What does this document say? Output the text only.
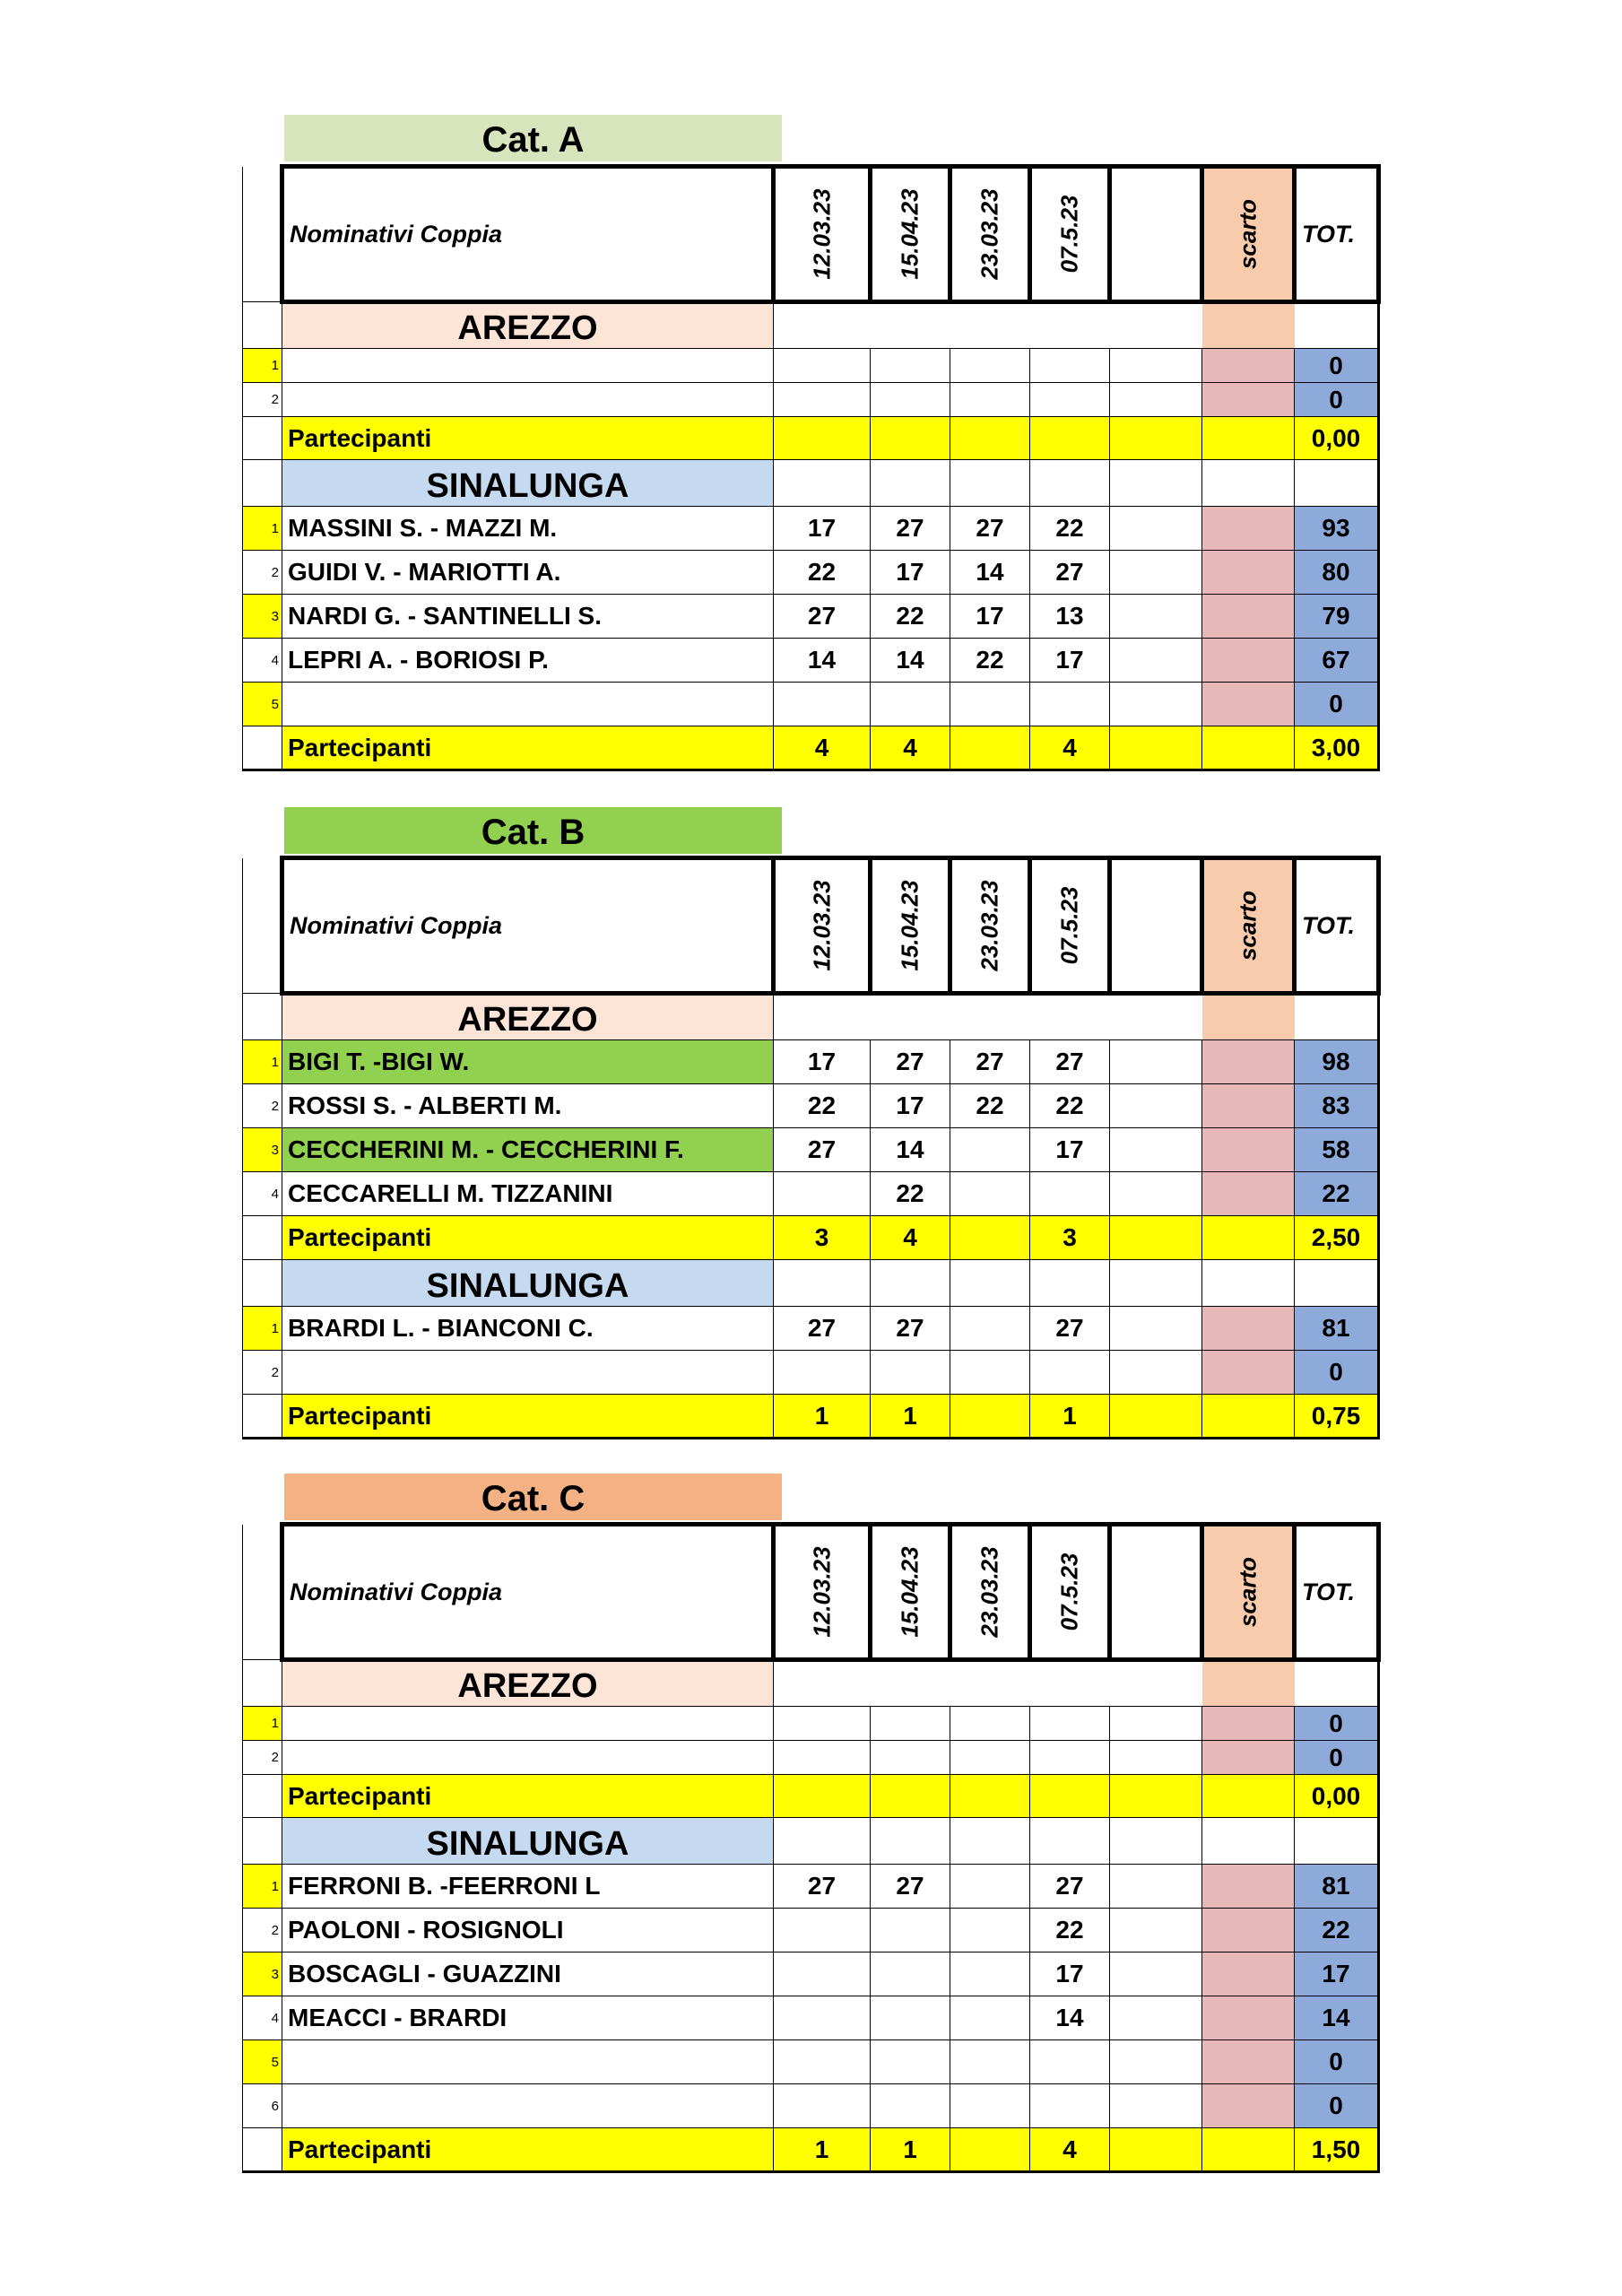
Cat. A
	Nominativi Coppia	12.03.23	15.04.23	23.03.23	07.5.23		scarto	TOT.
	AREZZO							
1								0
2								0
	Partecipanti							0,00
	SINALUNGA							
1	MASSINI S. - MAZZI M.	17	27	27	22			93
2	GUIDI V. - MARIOTTI A.	22	17	14	27			80
3	NARDI G. - SANTINELLI S.	27	22	17	13			79
4	LEPRI A. - BORIOSI P.	14	14	22	17			67
5								0
	Partecipanti	4	4		4			3,00
Cat. B
	Nominativi Coppia	12.03.23	15.04.23	23.03.23	07.5.23		scarto	TOT.
	AREZZO							
1	BIGI T. -BIGI W.	17	27	27	27			98
2	ROSSI S. - ALBERTI M.	22	17	22	22			83
3	CECCHERINI M. - CECCHERINI F.	27	14		17			58
4	CECCARELLI M. TIZZANINI		22					22
	Partecipanti	3	4		3			2,50
	SINALUNGA							
1	BRARDI L. - BIANCONI C.	27	27		27			81
2								0
	Partecipanti	1	1		1			0,75
Cat. C
	Nominativi Coppia	12.03.23	15.04.23	23.03.23	07.5.23		scarto	TOT.
	AREZZO							
1								0
2								0
	Partecipanti							0,00
	SINALUNGA							
1	FERRONI B. -FEERRONI L	27	27		27			81
2	PAOLONI - ROSIGNOLI				22			22
3	BOSCAGLI - GUAZZINI				17			17
4	MEACCI - BRARDI				14			14
5								0
6								0
	Partecipanti	1	1		4			1,50
